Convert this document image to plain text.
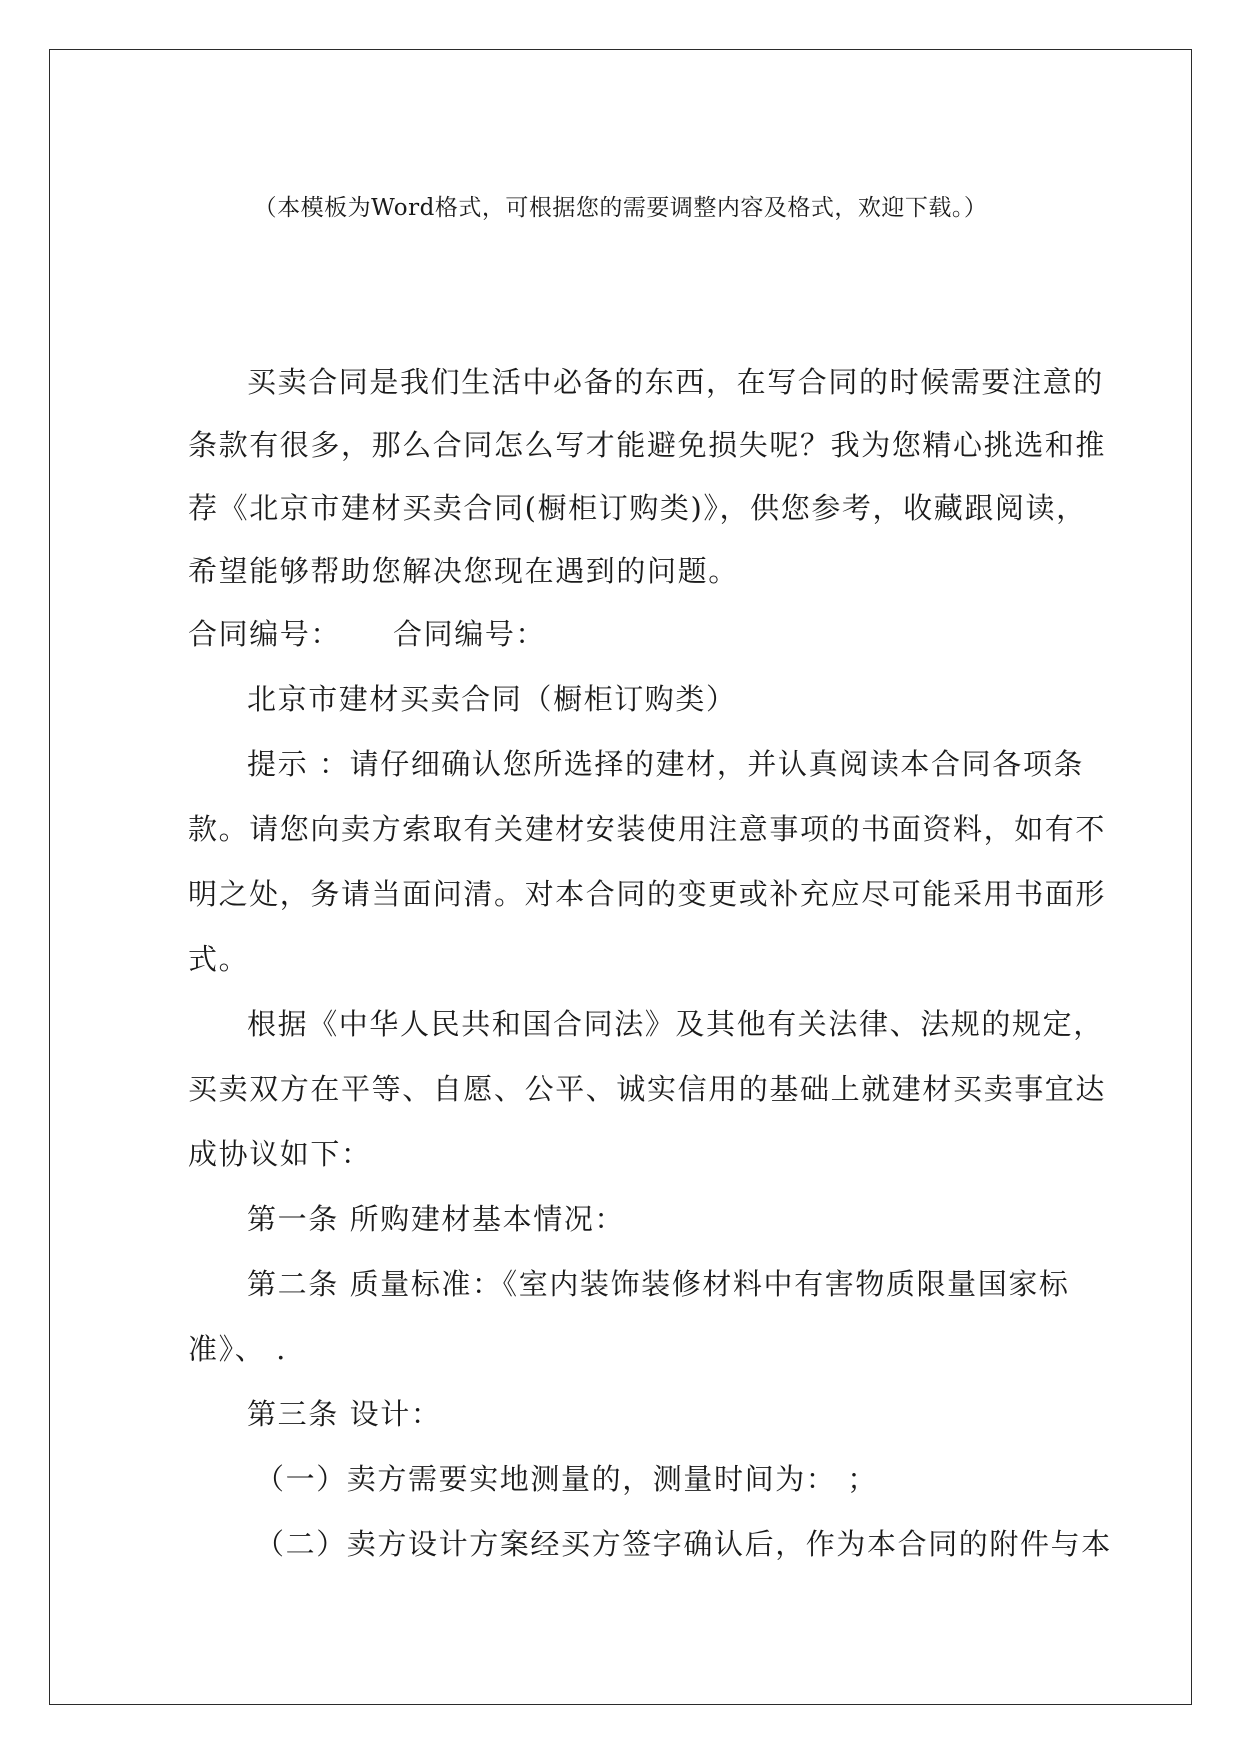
（本模板为Word格式，可根据您的需要调整内容及格式，欢迎下载。）
买卖合同是我们生活中必备的东西，在写合同的时候需要注意的
条款有很多，那么合同怎么写才能避免损失呢？我为您精心挑选和推
荐《北京市建材买卖合同(橱柜订购类)》，供您参考，收藏跟阅读，
希望能够帮助您解决您现在遇到的问题。
合同编号： 合同编号：
北京市建材买卖合同（橱柜订购类）
提示 ：请仔细确认您所选择的建材，并认真阅读本合同各项条
款。请您向卖方索取有关建材安装使用注意事项的书面资料，如有不
明之处，务请当面问清。对本合同的变更或补充应尽可能采用书面形
式。
根据《中华人民共和国合同法》及其他有关法律、法规的规定，
买卖双方在平等、自愿、公平、诚实信用的基础上就建材买卖事宜达
成协议如下：
第一条 所购建材基本情况：
第二条 质量标准：《室内装饰装修材料中有害物质限量国家标
准》、 .
第三条 设计：
（一）卖方需要实地测量的，测量时间为： ；
（二）卖方设计方案经买方签字确认后，作为本合同的附件与本
